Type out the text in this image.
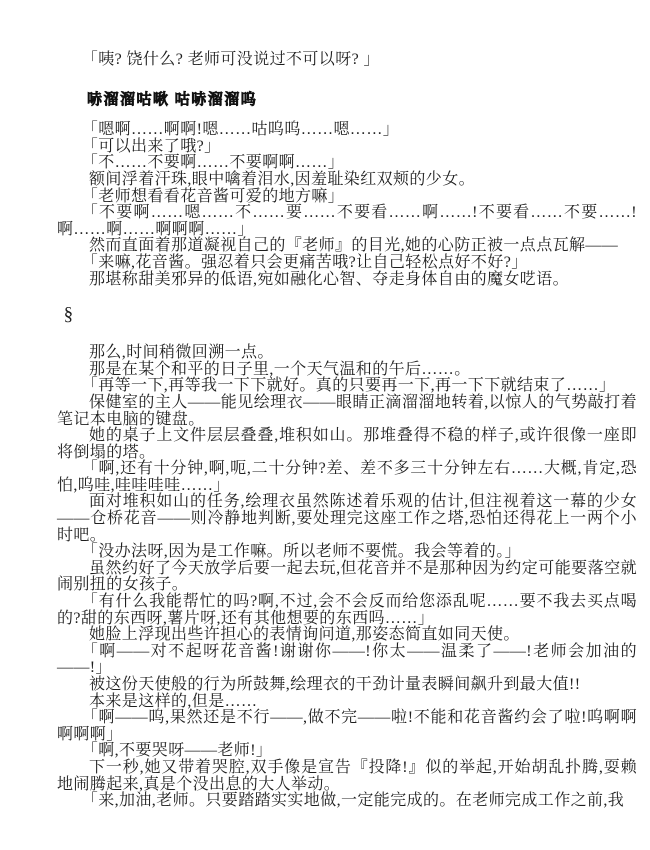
「咦? 饶什么? 老师可没说过不可以呀? 」

哧溜溜咕啾 咕哧溜溜呜

「嗯啊……啊啊!嗯……咕呜呜……嗯……」

「可以出来了哦?」

「不……不要啊……不要啊啊……」

额间浮着汗珠,眼中噙着泪水,因羞耻染红双颊的少女。

「老师想看看花音酱可爱的地方嘛」

「不要啊……嗯……不……要……不要看……啊……!不要看……不要……!啊……啊……啊啊啊……」

然而直面着那道凝视自己的『老师』的目光,她的心防正被一点点瓦解——

「来嘛,花音酱。强忍着只会更痛苦哦?让自己轻松点好不好?」

那堪称甜美邪异的低语,宛如融化心智、夺走身体自由的魔女呓语。

§

那么,时间稍微回溯一点。

那是在某个和平的日子里,一个天气温和的午后……。

「再等一下,再等我一下下就好。真的只要再一下,再一下下就结束了……」

保健室的主人——能见绘理衣——眼睛正滴溜溜地转着,以惊人的气势敲打着笔记本电脑的键盘。

她的桌子上文件层层叠叠,堆积如山。那堆叠得不稳的样子,或许很像一座即将倒塌的塔。

「啊,还有十分钟,啊,呃,二十分钟?差、差不多三十分钟左右……大概,肯定,恐怕,呜哇,哇哇哇哇……」

面对堆积如山的任务,绘理衣虽然陈述着乐观的估计,但注视着这一幕的少女——仓桥花音——则冷静地判断,要处理完这座工作之塔,恐怕还得花上一两个小时吧。

「没办法呀,因为是工作嘛。所以老师不要慌。我会等着的。」

虽然约好了今天放学后要一起去玩,但花音并不是那种因为约定可能要落空就闹别扭的女孩子。

「有什么我能帮忙的吗?啊,不过,会不会反而给您添乱呢……要不我去买点喝的?甜的东西呀,薯片呀,还有其他想要的东西吗……」

她脸上浮现出些许担心的表情询问道,那姿态简直如同天使。

「啊——对不起呀花音酱!谢谢你——!你太——温柔了——!老师会加油的——!」

被这份天使般的行为所鼓舞,绘理衣的干劲计量表瞬间飙升到最大值!!

本来是这样的,但是……

「啊——呜,果然还是不行——,做不完——啦!不能和花音酱约会了啦!呜啊啊啊啊啊」

「啊,不要哭呀——老师!」

下一秒,她又带着哭腔,双手像是宣告『投降!』似的举起,开始胡乱扑腾,耍赖地闹腾起来,真是个没出息的大人举动。

「来,加油,老师。只要踏踏实实地做,一定能完成的。在老师完成工作之前,我
